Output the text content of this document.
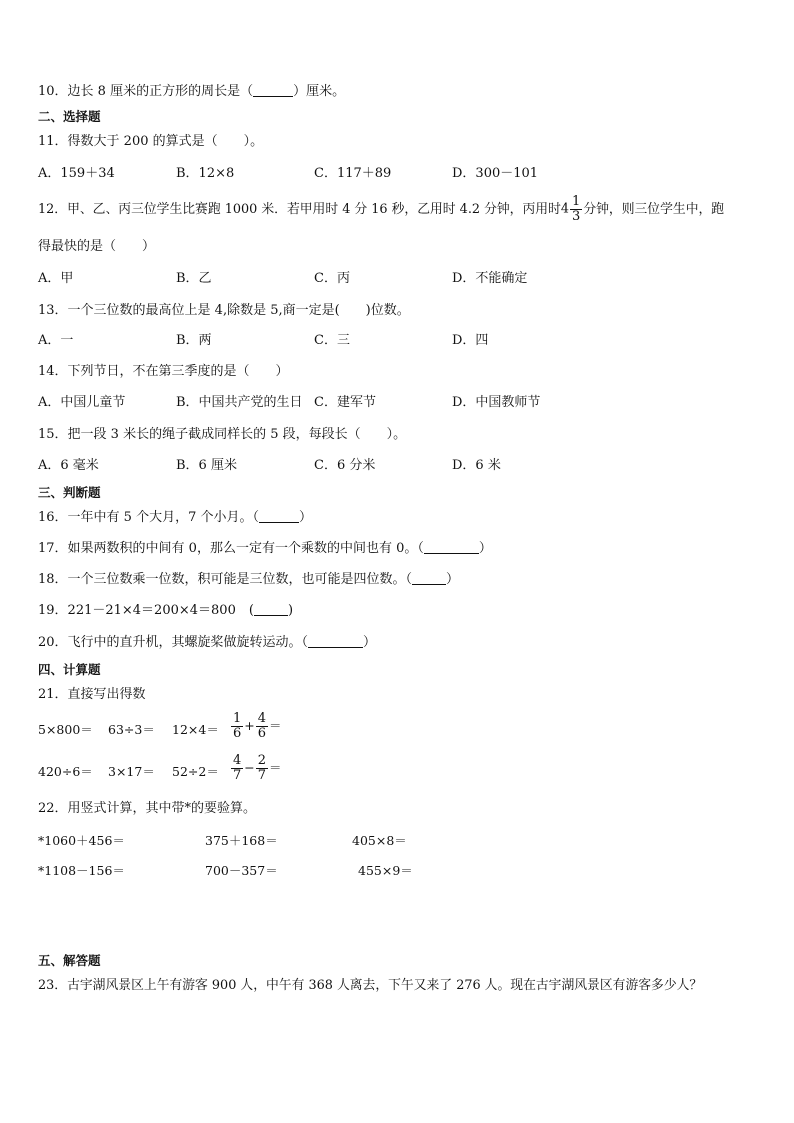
10．边长 8 厘米的正方形的周长是（	）厘米。
二、选择题
11．得数大于 200 的算式是（　　）。
A．159＋34	B．12×8	C．117＋89	D．300－101
12．甲、乙、丙三位学生比赛跑 1000 米．若甲用时 4 分 16 秒，乙用时 4.2 分钟，丙用时$4 \frac{1}{3}$ 分钟，则三位学生中，跑
得最快的是（　　）
A．甲	B．乙	C．丙	D．不能确定
13．一个三位数的最高位上是 4,除数是 5,商一定是(　　)位数。
A．一	B．两	C．三	D．四
14．下列节日，不在第三季度的是（　　）
A．中国儿童节	B．中国共产党的生日 C．建军节	D．中国教师节
15．把一段 3 米长的绳子截成同样长的 5 段，每段长（　　）。
A．6 毫米	B．6 厘米	C．6 分米	D．6 米
三、判断题
16．一年中有 5 个大月，7 个小月。（	）
17．如果两数积的中间有 0，那么一定有一个乘数的中间也有 0。（	）
18．一个三位数乘一位数，积可能是三位数，也可能是四位数。（	）
19．221－21×4＝200×4＝800　(	)
20．飞行中的直升机，其螺旋桨做旋转运动。（	）
四、计算题
21．直接写出得数
$5\times 800= 63\div 3= 12\times 4= \frac{1}{6} + \frac{4}{6}$ ＝
$420\div 6= 3\times 17= 52\div 2= \frac{4}{7} - \frac{2}{7}$ ＝
22．用竖式计算，其中带*的要验算。
*1060＋456＝	375＋168＝	405×8＝
*1108－156＝	700－357＝	455×9＝
五、解答题
23．古宇湖风景区上午有游客 900 人，中午有 368 人离去，下午又来了 276 人。现在古宇湖风景区有游客多少人？
